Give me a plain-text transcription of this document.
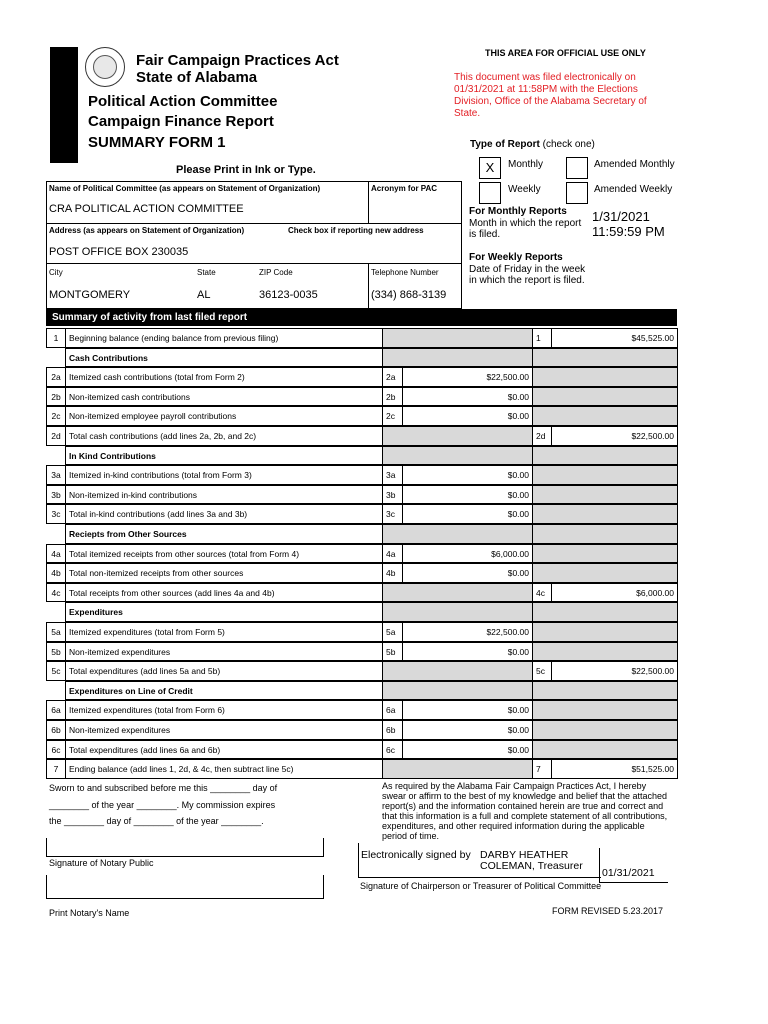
WEEKLY & MONTHLY
Fair Campaign Practices Act
State of Alabama
Political Action Committee
Campaign Finance Report
SUMMARY FORM 1
Please Print in Ink or Type.
THIS AREA FOR OFFICIAL USE ONLY
This document was filed electronically on 01/31/2021 at 11:58PM with the Elections Division, Office of the Alabama Secretary of State.
Type of Report (check one)
X	Monthly	Amended Monthly
Weekly	Amended Weekly
For Monthly Reports
Month in which the report is filed.
1/31/2021
11:59:59 PM
For Weekly Reports
Date of Friday in the week in which the report is filed.
Name of Political Committee (as appears on Statement of Organization)	Acronym for PAC
CRA POLITICAL ACTION COMMITTEE
Address (as appears on Statement of Organization)	Check box if reporting new address
POST OFFICE BOX 230035
City	State	ZIP Code	Telephone Number
MONTGOMERY	AL	36123-0035	(334) 868-3139
Summary of activity from last filed report
1	Beginning balance (ending balance from previous filing)	1	$45,525.00
Cash Contributions
2a Itemized cash contributions (total from Form 2)	2a	$22,500.00
2b Non-itemized cash contributions	2b	$0.00
2c	Non-itemized employee payroll contributions	2c	$0.00
2d Total cash contributions (add lines 2a, 2b, and 2c)	2d	$22,500.00
In Kind Contributions
3a Itemized in-kind contributions (total from Form 3)	3a	$0.00
3b Non-itemized in-kind contributions	3b	$0.00
3c	Total in-kind contributions (add lines 3a and 3b)	3c	$0.00
Reciepts from Other Sources
4a Total itemized receipts from other sources (total from Form 4)	4a	$6,000.00
4b Total non-itemized receipts from other sources	4b	$0.00
4c	Total receipts from other sources (add lines 4a and 4b)	4c	$6,000.00
Expenditures
5a Itemized expenditures (total from Form 5)	5a	$22,500.00
5b Non-itemized expenditures	5b	$0.00
5c	Total expenditures (add lines 5a and 5b)	5c	$22,500.00
Expenditures on Line of Credit
6a Itemized expenditures (total from Form 6)	6a	$0.00
6b Non-itemized expenditures	6b	$0.00
6c	Total expenditures (add lines 6a and 6b)	6c	$0.00
7	Ending balance (add lines 1, 2d, & 4c, then subtract line 5c)	7	$51,525.00
Sworn to and subscribed before me this ________ day of
________ of the year ________. My commission expires
the ________ day of ________ of the year ________.
Signature of Notary Public
Print Notary's Name
As required by the Alabama Fair Campaign Practices Act, I hereby swear or affirm to the best of my knowledge and belief that the attached report(s) and the information contained herein are true and correct and that this information is a full and complete statement of all contributions, expenditures, and other required information during the applicable period of time.
Electronically signed by DARBY HEATHER
COLEMAN, Treasurer
01/31/2021
Signature of Chairperson or Treasurer of Political Committee
FORM REVISED 5.23.2017
